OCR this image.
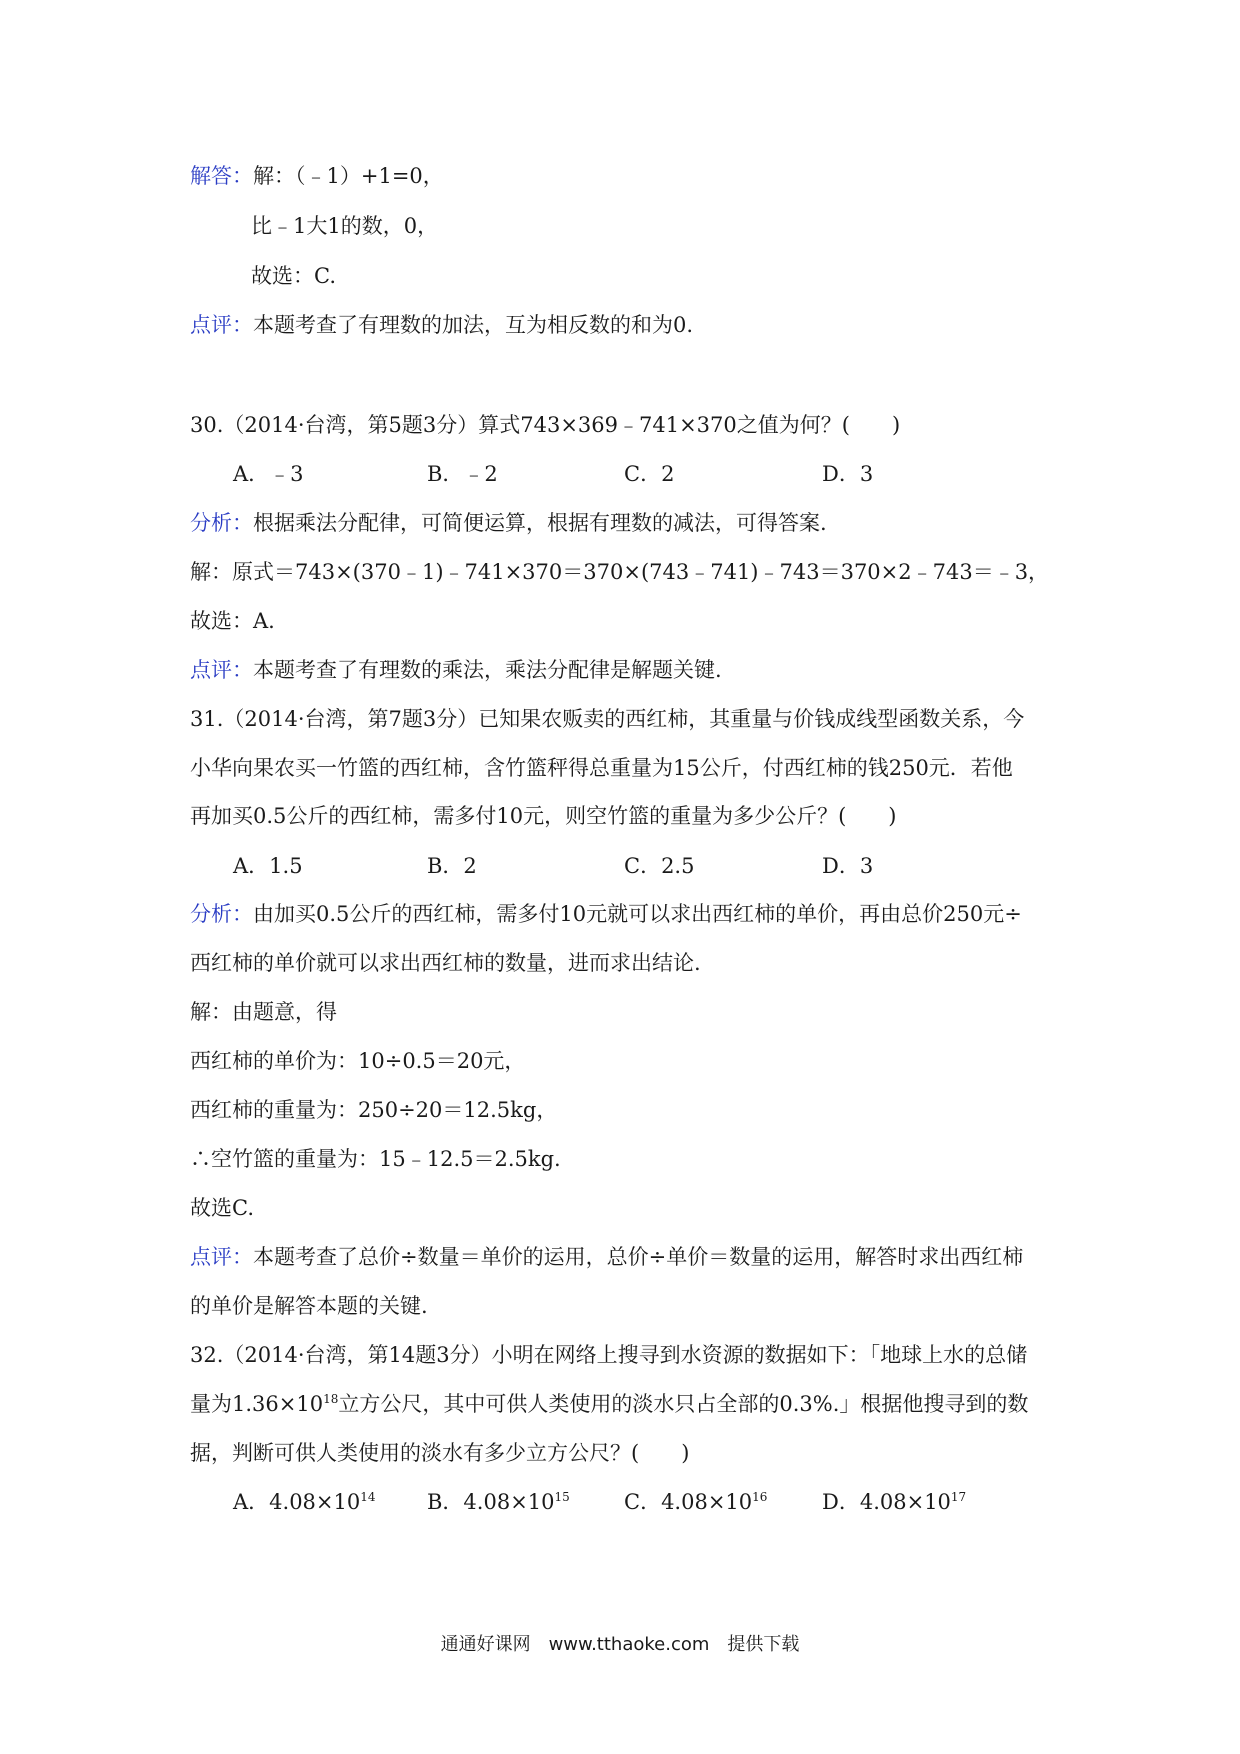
解答：解：（﹣1）+1=0，
比﹣1大1的数，0，
故选：C.
点评：本题考查了有理数的加法，互为相反数的和为0.
30.（2014·台湾，第5题3分）算式743×369﹣741×370之值为何？(　　)
A．﹣3	B．﹣2	C．2	D．3
分析：根据乘法分配律，可简便运算，根据有理数的减法，可得答案.
解：原式＝743×(370﹣1)﹣741×370＝370×(743﹣741)﹣743＝370×2﹣743＝﹣3，
故选：A.
点评：本题考查了有理数的乘法，乘法分配律是解题关键.
31.（2014·台湾，第7题3分）已知果农贩卖的西红柿，其重量与价钱成线型函数关系，今
小华向果农买一竹篮的西红柿，含竹篮秤得总重量为15公斤，付西红柿的钱250元．若他
再加买0.5公斤的西红柿，需多付10元，则空竹篮的重量为多少公斤？(　　)
A．1.5	B．2	C．2.5	D．3
分析：由加买0.5公斤的西红柿，需多付10元就可以求出西红柿的单价，再由总价250元÷
西红柿的单价就可以求出西红柿的数量，进而求出结论.
解：由题意，得
西红柿的单价为：10÷0.5＝20元，
西红柿的重量为：250÷20＝12.5kg，
∴空竹篮的重量为：15﹣12.5＝2.5kg.
故选C.
点评：本题考查了总价÷数量＝单价的运用，总价÷单价＝数量的运用，解答时求出西红柿
的单价是解答本题的关键.
32.（2014·台湾，第14题3分）小明在网络上搜寻到水资源的数据如下：「地球上水的总储
量为$1.36\times 10^{18}$立方公尺，其中可供人类使用的淡水只占全部的0.3%.」根据他搜寻到的数
据，判断可供人类使用的淡水有多少立方公尺？(　　)
A．$4.08\times 10^{14}$ B．$4.08\times 10^{15}$	C．$4.08\times 10^{16}$	D．$4.08\times 10^{17}$
通通好课网　www.tthaoke.com　提供下载
